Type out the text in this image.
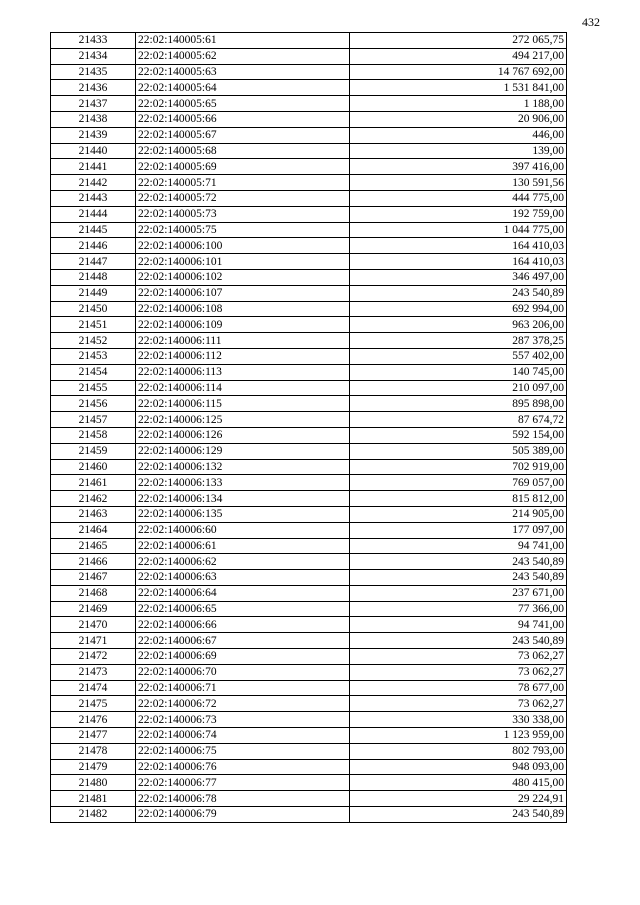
432
21433	22:02:140005:61	272 065,75
21434	22:02:140005:62	494 217,00
21435	22:02:140005:63	14 767 692,00
21436	22:02:140005:64	1 531 841,00
21437	22:02:140005:65	1 188,00
21438	22:02:140005:66	20 906,00
21439	22:02:140005:67	446,00
21440	22:02:140005:68	139,00
21441	22:02:140005:69	397 416,00
21442	22:02:140005:71	130 591,56
21443	22:02:140005:72	444 775,00
21444	22:02:140005:73	192 759,00
21445	22:02:140005:75	1 044 775,00
21446	22:02:140006:100	164 410,03
21447	22:02:140006:101	164 410,03
21448	22:02:140006:102	346 497,00
21449	22:02:140006:107	243 540,89
21450	22:02:140006:108	692 994,00
21451	22:02:140006:109	963 206,00
21452	22:02:140006:111	287 378,25
21453	22:02:140006:112	557 402,00
21454	22:02:140006:113	140 745,00
21455	22:02:140006:114	210 097,00
21456	22:02:140006:115	895 898,00
21457	22:02:140006:125	87 674,72
21458	22:02:140006:126	592 154,00
21459	22:02:140006:129	505 389,00
21460	22:02:140006:132	702 919,00
21461	22:02:140006:133	769 057,00
21462	22:02:140006:134	815 812,00
21463	22:02:140006:135	214 905,00
21464	22:02:140006:60	177 097,00
21465	22:02:140006:61	94 741,00
21466	22:02:140006:62	243 540,89
21467	22:02:140006:63	243 540,89
21468	22:02:140006:64	237 671,00
21469	22:02:140006:65	77 366,00
21470	22:02:140006:66	94 741,00
21471	22:02:140006:67	243 540,89
21472	22:02:140006:69	73 062,27
21473	22:02:140006:70	73 062,27
21474	22:02:140006:71	78 677,00
21475	22:02:140006:72	73 062,27
21476	22:02:140006:73	330 338,00
21477	22:02:140006:74	1 123 959,00
21478	22:02:140006:75	802 793,00
21479	22:02:140006:76	948 093,00
21480	22:02:140006:77	480 415,00
21481	22:02:140006:78	29 224,91
21482	22:02:140006:79	243 540,89
